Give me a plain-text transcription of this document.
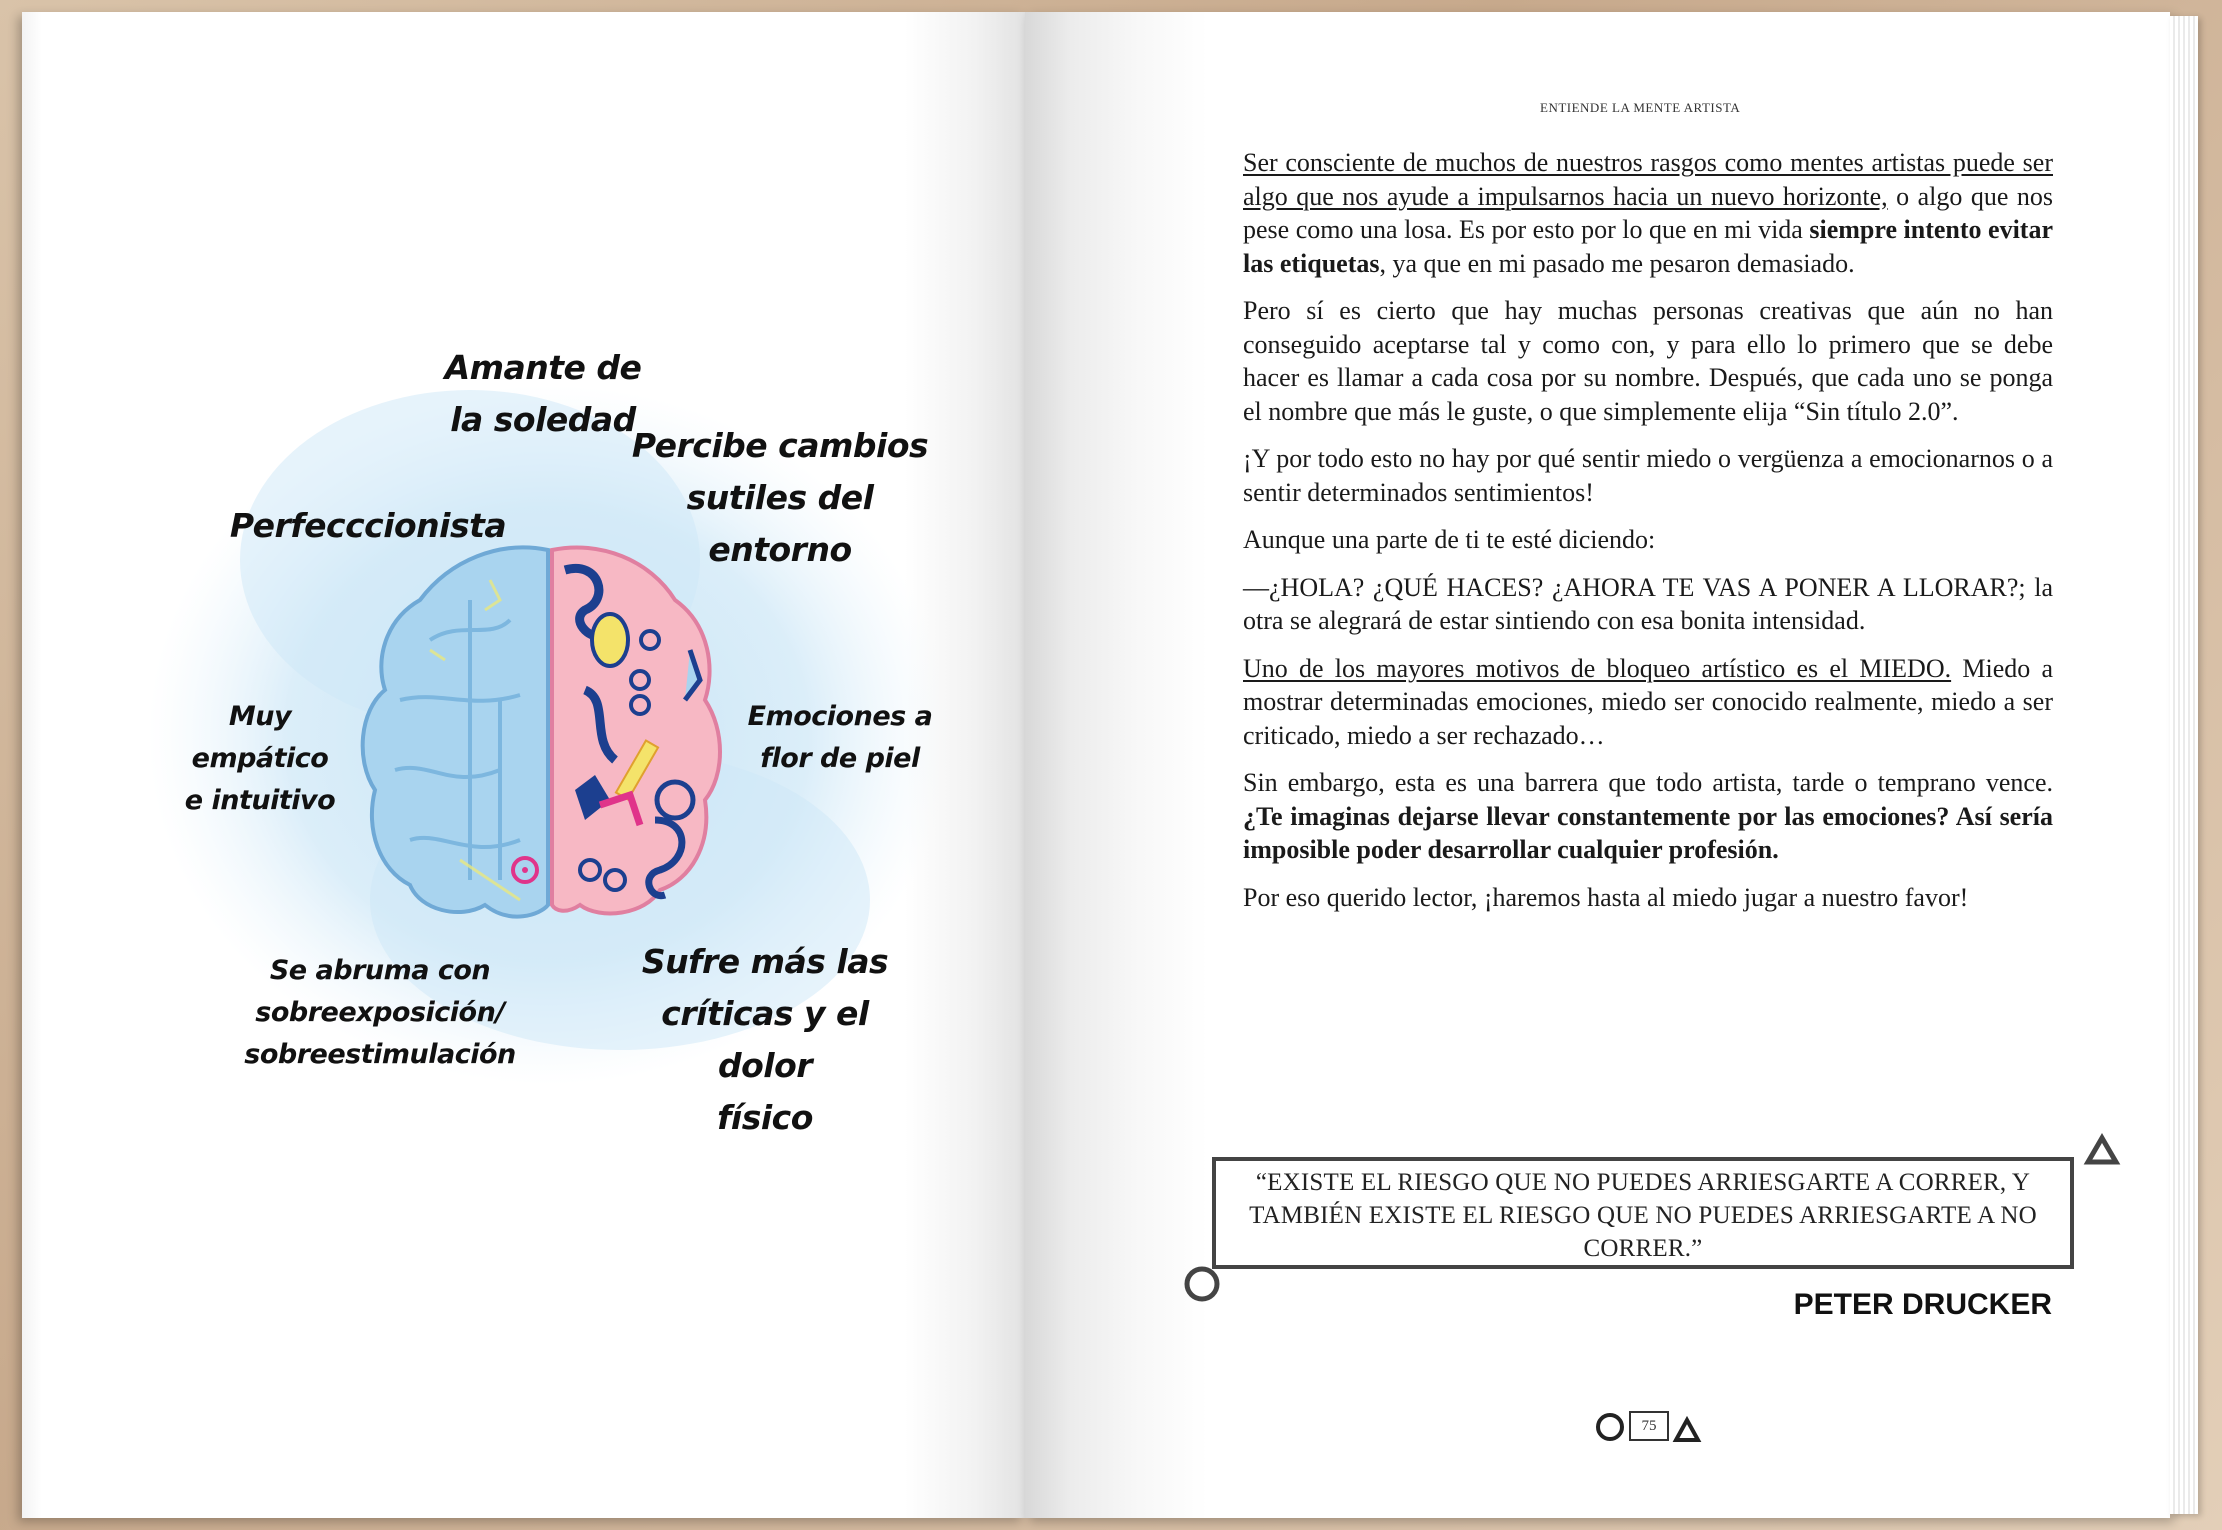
Amante de
la soledad
Percibe cambios
sutiles del entorno
Perfecccionista
Muy empático
e intuitivo
Emociones a
flor de piel
Se abruma con
sobreexposición/
sobreestimulación
Sufre más las
críticas y el dolor
físico
ENTIENDE LA MENTE ARTISTA

Ser consciente de muchos de nuestros rasgos como mentes artistas puede ser algo que nos ayude a impulsarnos hacia un nuevo horizonte, o algo que nos pese como una losa. Es por esto por lo que en mi vida siempre intento evitar las etiquetas, ya que en mi pasado me pesaron demasiado.

Pero sí es cierto que hay muchas personas creativas que aún no han conseguido aceptarse tal y como con, y para ello lo primero que se debe hacer es llamar a cada cosa por su nombre. Después, que cada uno se ponga el nombre que más le guste, o que simplemente elija “Sin título 2.0”.

¡Y por todo esto no hay por qué sentir miedo o vergüenza a emocionarnos o a sentir determinados sentimientos!

Aunque una parte de ti te esté diciendo:

—¿HOLA? ¿QUÉ HACES? ¿AHORA TE VAS A PONER A LLORAR?; la otra se alegrará de estar sintiendo con esa bonita intensidad.

Uno de los mayores motivos de bloqueo artístico es el MIEDO. Miedo a mostrar determinadas emociones, miedo ser conocido realmente, miedo a ser criticado, miedo a ser rechazado…

Sin embargo, esta es una barrera que todo artista, tarde o temprano vence. ¿Te imaginas dejarse llevar constantemente por las emociones? Así sería imposible poder desarrollar cualquier profesión.

Por eso querido lector, ¡haremos hasta al miedo jugar a nuestro favor!

“EXISTE EL RIESGO QUE NO PUEDES ARRIESGARTE A CORRER, Y TAMBIÉN EXISTE EL RIESGO QUE NO PUEDES ARRIESGARTE A NO CORRER.”
PETER DRUCKER
75
